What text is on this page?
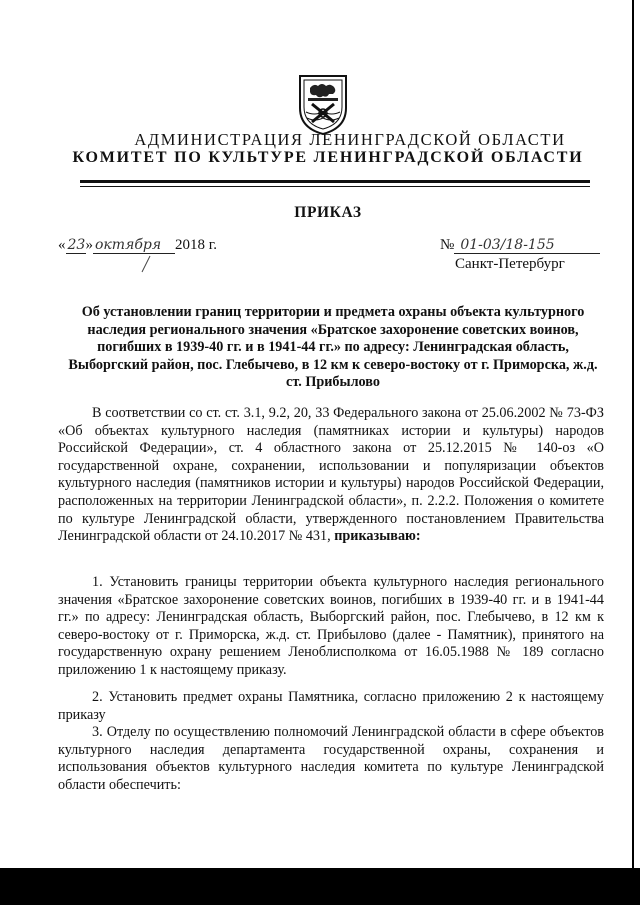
АДМИНИСТРАЦИЯ ЛЕНИНГРАДСКОЙ ОБЛАСТИ
КОМИТЕТ ПО КУЛЬТУРЕ ЛЕНИНГРАДСКОЙ ОБЛАСТИ
ПРИКАЗ
« 23 » октября 2018 г.	№ 01-03/18-155
Санкт-Петербург
Об установлении границ территории и предмета охраны объекта культурного наследия регионального значения «Братское захоронение советских воинов, погибших в 1939-40 гг. и в 1941-44 гг.» по адресу: Ленинградская область, Выборгский район, пос. Глебычево, в 12 км к северо-востоку от г. Приморска, ж.д. ст. Прибылово

В соответствии со ст. ст. 3.1, 9.2, 20, 33 Федерального закона от 25.06.2002 № 73-ФЗ «Об объектах культурного наследия (памятниках истории и культуры) народов Российской Федерации», ст. 4 областного закона от 25.12.2015 № 140-оз «О государственной охране, сохранении, использовании и популяризации объектов культурного наследия (памятников истории и культуры) народов Российской Федерации, расположенных на территории Ленинградской области», п. 2.2.2. Положения о комитете по культуре Ленинградской области, утвержденного постановлением Правительства Ленинградской области от 24.10.2017 № 431, приказываю:

1. Установить границы территории объекта культурного наследия регионального значения «Братское захоронение советских воинов, погибших в 1939-40 гг. и в 1941-44 гг.» по адресу: Ленинградская область, Выборгский район, пос. Глебычево, в 12 км к северо-востоку от г. Приморска, ж.д. ст. Прибылово (далее - Памятник), принятого на государственную охрану решением Леноблисполкома от 16.05.1988 № 189 согласно приложению 1 к настоящему приказу.

2. Установить предмет охраны Памятника, согласно приложению 2 к настоящему приказу

3. Отделу по осуществлению полномочий Ленинградской области в сфере объектов культурного наследия департамента государственной охраны, сохранения и использования объектов культурного наследия комитета по культуре Ленинградской области обеспечить:
